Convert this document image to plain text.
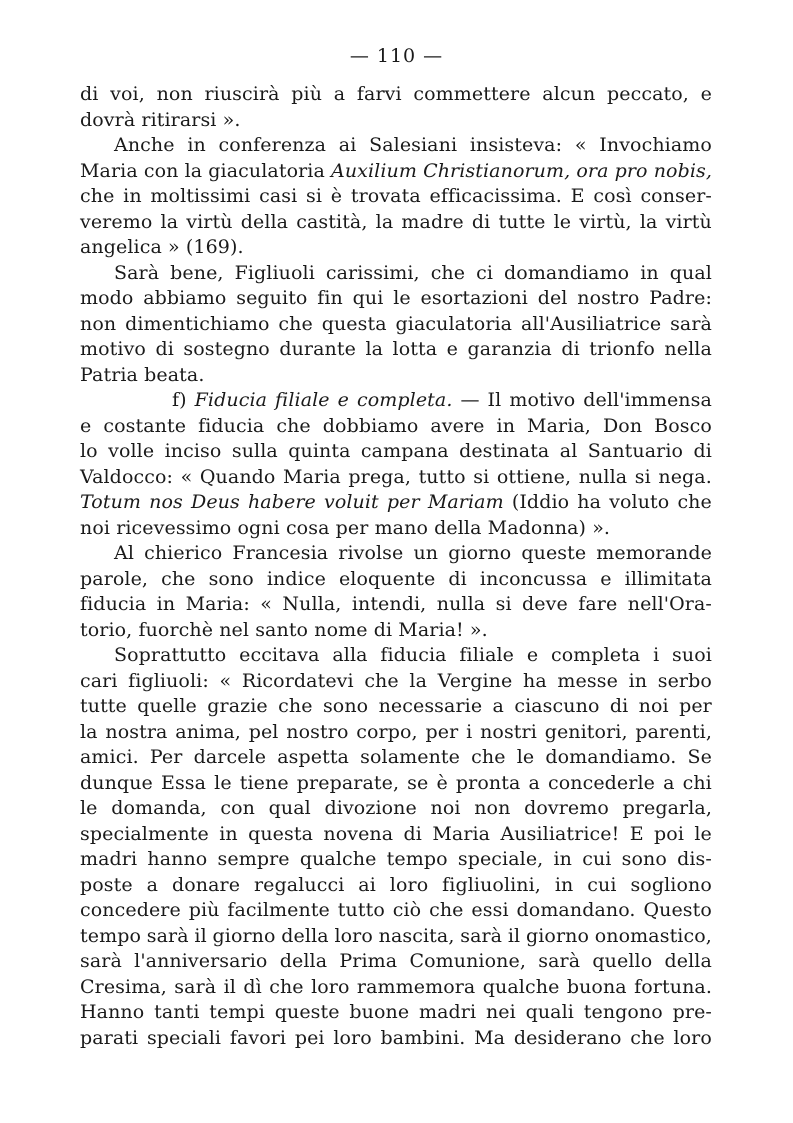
— 110 —
di voi, non riuscirà più a farvi commettere alcun peccato, e
dovrà ritirarsi ».
Anche in conferenza ai Salesiani insisteva: « Invochiamo
Maria con la giaculatoria Auxilium Christianorum, ora pro nobis,
che in moltissimi casi si è trovata efficacissima. E così conser-
veremo la virtù della castità, la madre di tutte le virtù, la virtù
angelica » (169).
Sarà bene, Figliuoli carissimi, che ci domandiamo in qual
modo abbiamo seguito fin qui le esortazioni del nostro Padre:
non dimentichiamo che questa giaculatoria all'Ausiliatrice sarà
motivo di sostegno durante la lotta e garanzia di trionfo nella
Patria beata.
f) Fiducia filiale e completa. — Il motivo dell'immensa
e costante fiducia che dobbiamo avere in Maria, Don Bosco
lo volle inciso sulla quinta campana destinata al Santuario di
Valdocco: « Quando Maria prega, tutto si ottiene, nulla si nega.
Totum nos Deus habere voluit per Mariam (Iddio ha voluto che
noi ricevessimo ogni cosa per mano della Madonna) ».
Al chierico Francesia rivolse un giorno queste memorande
parole, che sono indice eloquente di inconcussa e illimitata
fiducia in Maria: « Nulla, intendi, nulla si deve fare nell'Ora-
torio, fuorchè nel santo nome di Maria! ».
Soprattutto eccitava alla fiducia filiale e completa i suoi
cari figliuoli: « Ricordatevi che la Vergine ha messe in serbo
tutte quelle grazie che sono necessarie a ciascuno di noi per
la nostra anima, pel nostro corpo, per i nostri genitori, parenti,
amici. Per darcele aspetta solamente che le domandiamo. Se
dunque Essa le tiene preparate, se è pronta a concederle a chi
le domanda, con qual divozione noi non dovremo pregarla,
specialmente in questa novena di Maria Ausiliatrice! E poi le
madri hanno sempre qualche tempo speciale, in cui sono dis-
poste a donare regalucci ai loro figliuolini, in cui sogliono
concedere più facilmente tutto ciò che essi domandano. Questo
tempo sarà il giorno della loro nascita, sarà il giorno onomastico,
sarà l'anniversario della Prima Comunione, sarà quello della
Cresima, sarà il dì che loro rammemora qualche buona fortuna.
Hanno tanti tempi queste buone madri nei quali tengono pre-
parati speciali favori pei loro bambini. Ma desiderano che loro
